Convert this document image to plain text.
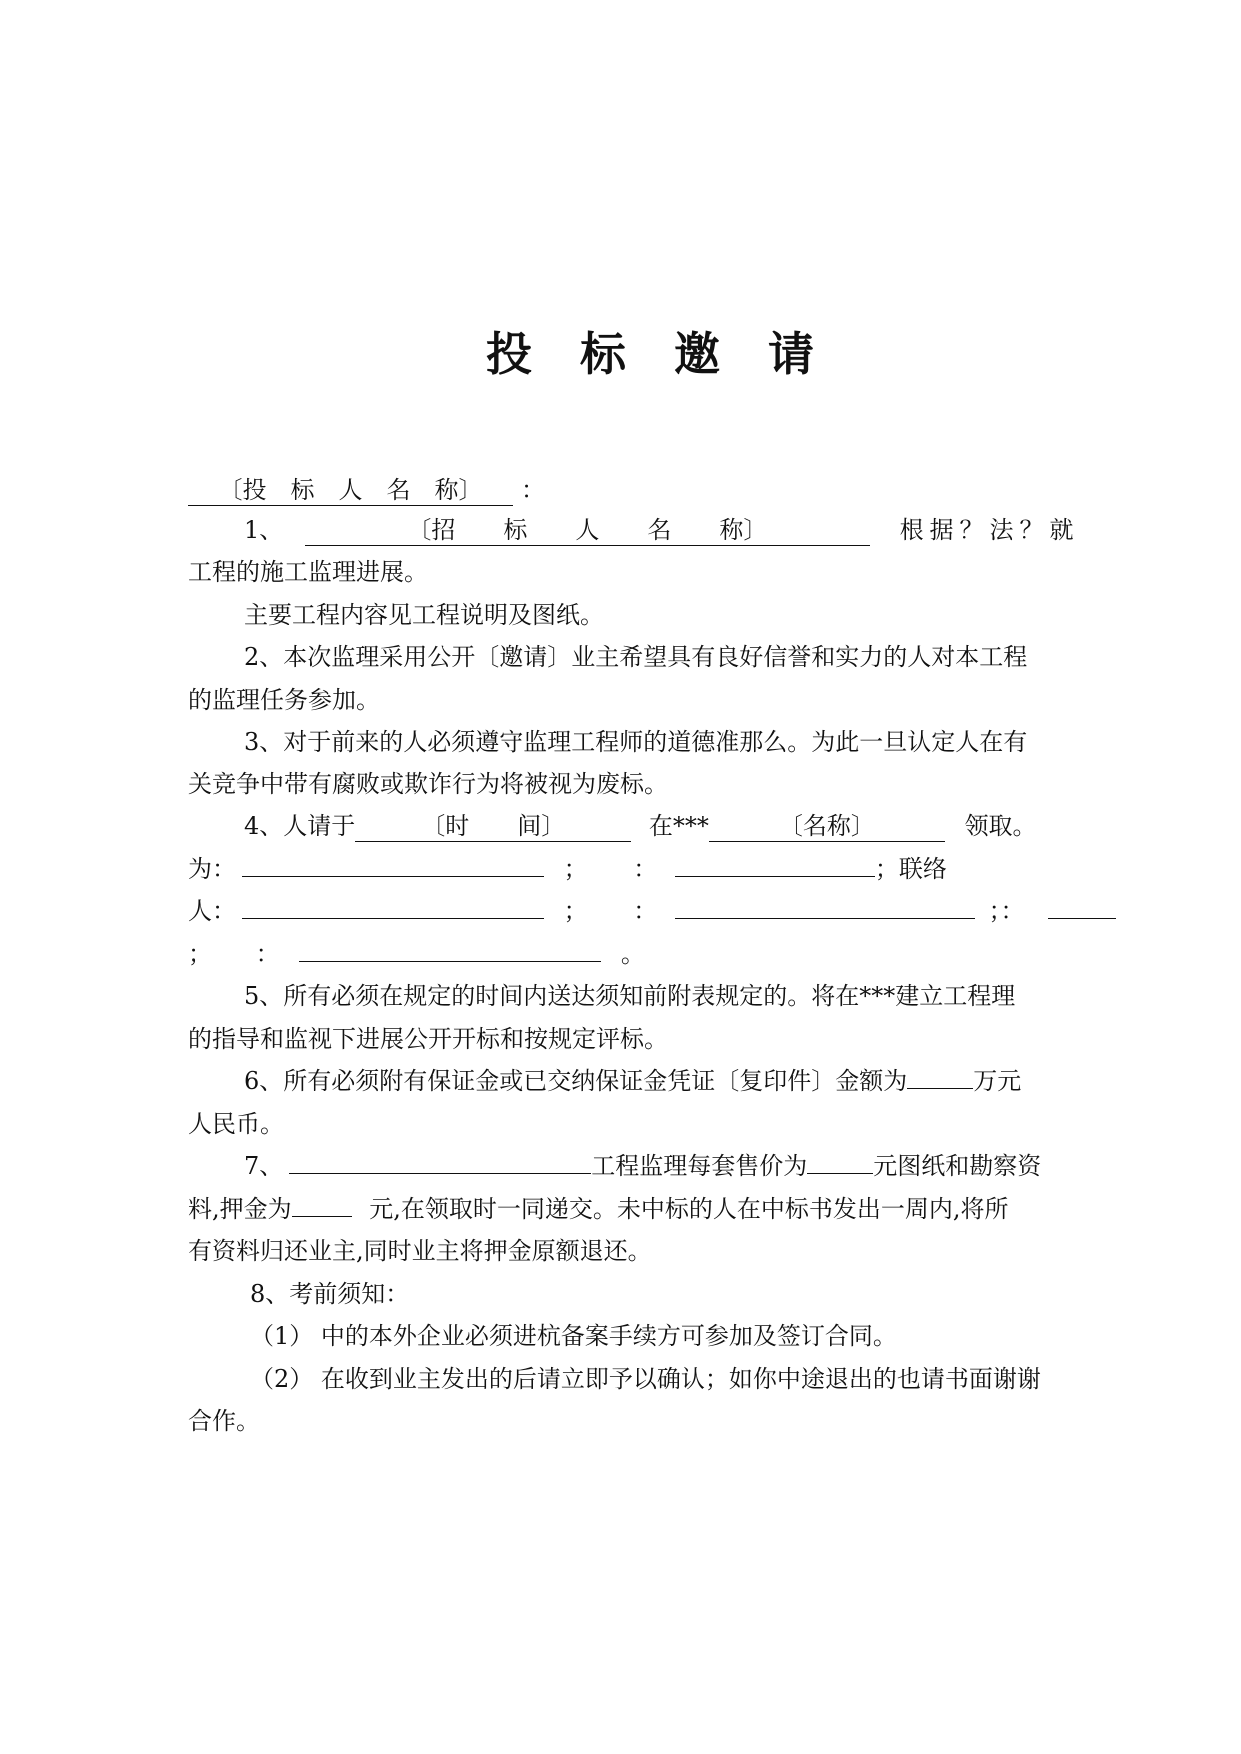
投 标 邀 请
〔投　标　人　名　称〕 ：
1、	〔招　　标　　人　　名　　称〕	根据？法？就
工程的施工监理进展。
主要工程内容见工程说明及图纸。
2、本次监理采用公开〔邀请〕业主希望具有良好信誉和实力的人对本工程
的监理任务参加。
3、对于前来的人必须遵守监理工程师的道德准那么。为此一旦认定人在有
关竞争中带有腐败或欺诈行为将被视为废标。
4、人请于	〔时　　间〕	在***	〔名称〕	领取。
为：	； ：	；联络
人：	； ：	；：
； ：	。
5、所有必须在规定的时间内送达须知前附表规定的。将在***建立工程理
的指导和监视下进展公开开标和按规定评标。
6、所有必须附有保证金或已交纳保证金凭证〔复印件〕金额为	万元
人民币。
7、	工程监理每套售价为	元图纸和勘察资
料,押金为	元,在领取时一同递交。未中标的人在中标书发出一周内,将所
有资料归还业主,同时业主将押金原额退还。
8、考前须知：
（1） 中的本外企业必须进杭备案手续方可参加及签订合同。
（2） 在收到业主发出的后请立即予以确认；如你中途退出的也请书面谢谢
合作。
